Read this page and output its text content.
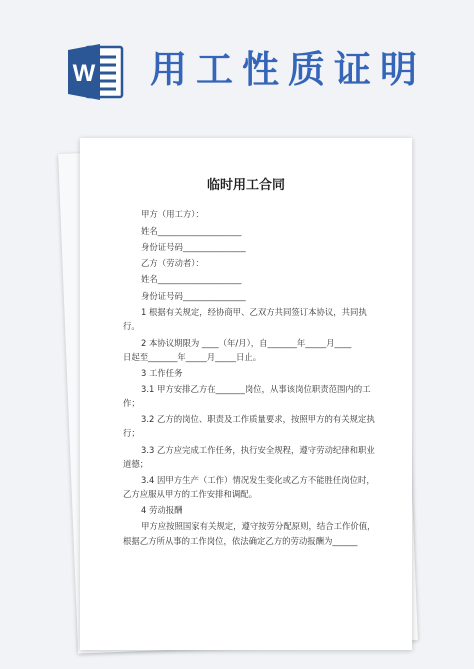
W 用工性质证明
临时用工合同
甲方（用工方）：
姓名____________________
身份证号码_______________
乙方（劳动者）：
姓名____________________
身份证号码_______________
1 根据有关规定，经协商甲、乙双方共同签订本协议，共同执
行。
2 本协议期限为 ____（年/月），自_______年_____月____
日起至_______年_____月_____日止。
3 工作任务
3.1 甲方安排乙方在_______岗位，从事该岗位职责范围内的工
作；
3.2 乙方的岗位、职责及工作质量要求，按照甲方的有关规定执
行；
3.3 乙方应完成工作任务，执行安全规程，遵守劳动纪律和职业
道德；
3.4 因甲方生产（工作）情况发生变化或乙方不能胜任岗位时，
乙方应服从甲方的工作安排和调配。
4 劳动报酬
甲方应按照国家有关规定，遵守按劳分配原则，结合工作价值，
根据乙方所从事的工作岗位，依法确定乙方的劳动报酬为______
